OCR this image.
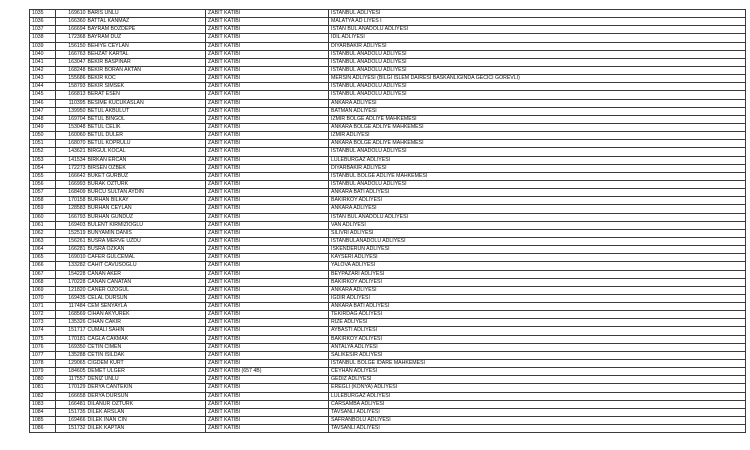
1035	169610	BARIS UNLU	ZABIT KATIBI	ISTANBUL ADLIYESI
1036	166360	BATTAL KANMAZ	ZABIT KATIBI	MALATYA AD LIYES I
1037	166694	BAYRAM BOZDEPE	ZABIT KATIBI	ISTAN BUL ANADOLU ADLIYESI
1038	172368	BAYRAM DUZ	ZABIT KATIBI	IDIL ADLIYESI
1039	156150	BEHIYE CEYLAN	ZABIT KATIBI	DIYARBAKIR ADLIYESI
1040	166763	BEHZAT KARTAL	ZABIT KATIBI	ISTANBUL ANADOLU ADLIYESI
1041	163047	BEKIR BASPINAR	ZABIT KATIBI	ISTANBUL ANADOLU ADLIYESI
1042	168248	BEKIR BORAN AKTAN	ZABIT KATIBI	ISTANBUL ANADOLU ADLIYESI
1043	155686	BEKIR KOC	ZABIT KATIBI	MERSIN ADLIYESI (BILGI ISLEM DAIRESI BASKANLIGINDA GECICI GOREVLI)
1044	158793	BEKIR SIMSEK	ZABIT KATIBI	ISTANBUL ANADOLU ADLIYESI
1045	166813	BERAT ESEN	ZABIT KATIBI	ISTANBUL ANADOLU ADLIYESI
1046	110395	BESIME KUCUKASLAN	ZABIT KATIBI	ANKARA ADLIYESI
1047	139950	BETUL AKBULUT	ZABIT KATIBI	BATMAN ADLIYESI
1048	169704	BETUL BINGOL	ZABIT KATIBI	IZMIR BOLGE ADLIYE MAHKEMESI
1049	153048	BETUL CELIK	ZABIT KATIBI	ANKARA BOLGE ADLIYE MAHKEMESI
1050	160060	BETUL DULER	ZABIT KATIBI	IZMIR ADLIYESI
1051	168070	BETUL KOPRULU	ZABIT KATIBI	ANKARA BOLGE ADLIYE MAHKEMESI
1052	143621	BIRGUL KOCAL	ZABIT KATIBI	ISTANBUL ANADOLU ADLIYESI
1053	141534	BIRKAN ERCAN	ZABIT KATIBI	LULEBURGAZ ADLIYESI
1054	172273	BIRSEN OZBEK	ZABIT KATIBI	DIYARBAKIR ADLIYESI
1055	166642	BUKET GURBUZ	ZABIT KATIBI	ISTANBUL BOLGE ADLIYE MAHKEMESI
1056	166993	BURAK OZTURK	ZABIT KATIBI	ISTANBUL ANADOLU ADLIYESI
1057	168409	BURCU SULTAN AYDIN	ZABIT KATIBI	ANKARA BATI ADLIYESI
1058	170158	BURHAN BILKAY	ZABIT KATIBI	BAKIRKOY ADLIYESI
1059	128583	BURHAN CEYLAN	ZABIT KATIBI	ANKARA ADLIYESI
1060	166793	BURHAN GUNDUZ	ZABIT KATIBI	ISTAN BUL ANADOLU ADLIYESI
1061	169403	BULENT KIRMIZIOGLU	ZABIT KATIBI	VAN ADLIYESI
1062	152519	BUNYAMIN DANIS	ZABIT KATIBI	SILIVRI ADLIYESI
1063	156261	BUSRA MERVE UZDU	ZABIT KATIBI	ISTANBULANADOLU ADLIYESI
1064	166281	BUSRA OZKAN	ZABIT KATIBI	ISKENDERUN ADLIYESI
1065	169010	CAFER GULCEMAL	ZABIT KATIBI	KAYSERI ADLIYESI
1066	133282	CAHIT CAVUSOGLU	ZABIT KATIBI	YALOVA ADLIYESI
1067	154228	CANAN AKER	ZABIT KATIBI	BEYPAZARI ADLIYESI
1068	170228	CANAN CANATAN	ZABIT KATIBI	BAKIRKOY ADLIYESI
1069	121820	CANER OZOGUL	ZABIT KATIBI	ANKARA ADLIYESI
1070	169435	CELAL DURSUN	ZABIT KATIBI	IGDIR ADLIYESI
1071	117484	CEM SENYAYLA	ZABIT KATIBI	ANKARA BATI ADLIYESI
1072	168569	CIHAN AKYUREK	ZABIT KATIBI	TEKIRDAG ADLIYESI
1073	135326	CIHAN CAKIR	ZABIT KATIBI	RIZE ADLIYESI
1074	151717	CUMALI SAHIN	ZABIT KATIBI	AYBASTI ADLIYESI
1075	170181	CAGLA CAKMAK	ZABIT KATIBI	BAKIRKOY ADLIYESI
1076	169350	CETIN CIMEN	ZABIT KATIBI	ANTALYA ADLIYESI
1077	135288	CETIN ISILDAK	ZABIT KATIBI	SALIKESIR ADLIYESI
1078	129065	CIGDEM KURT	ZABIT KATIBI	ISTANBUL BOLGE IDARE MAHKEMESI
1079	184605	DEMET ULGER	ZABIT KATIBI (657 4B)	CEYHAN ADLIYESI
1080	117557	DENIZ UNLU	ZABIT KATIBI	GEDIZ ADLIYESI
1081	170129	DERYA CANTEKIN	ZABIT KATIBI	EREGLI (KONYA) ADLIYESI
1082	166658	DERYA DURSUN	ZABIT KATIBI	LULEBURGAZ ADLIYESI
1083	166481	DILANUR OZTURK	ZABIT KATIBI	CARSAMBA ADLIYESI
1084	151735	DILEK ARSLAN	ZABIT KATIBI	TAVSANLI ADLIYESI
1085	169466	DILEK INAN CIN	ZABIT KATIBI	SAFRANBOLU ADLIYESI
1086	151732	DILEK KAPTAN	ZABIT KATIBI	TAVSANLI ADLIYESI
